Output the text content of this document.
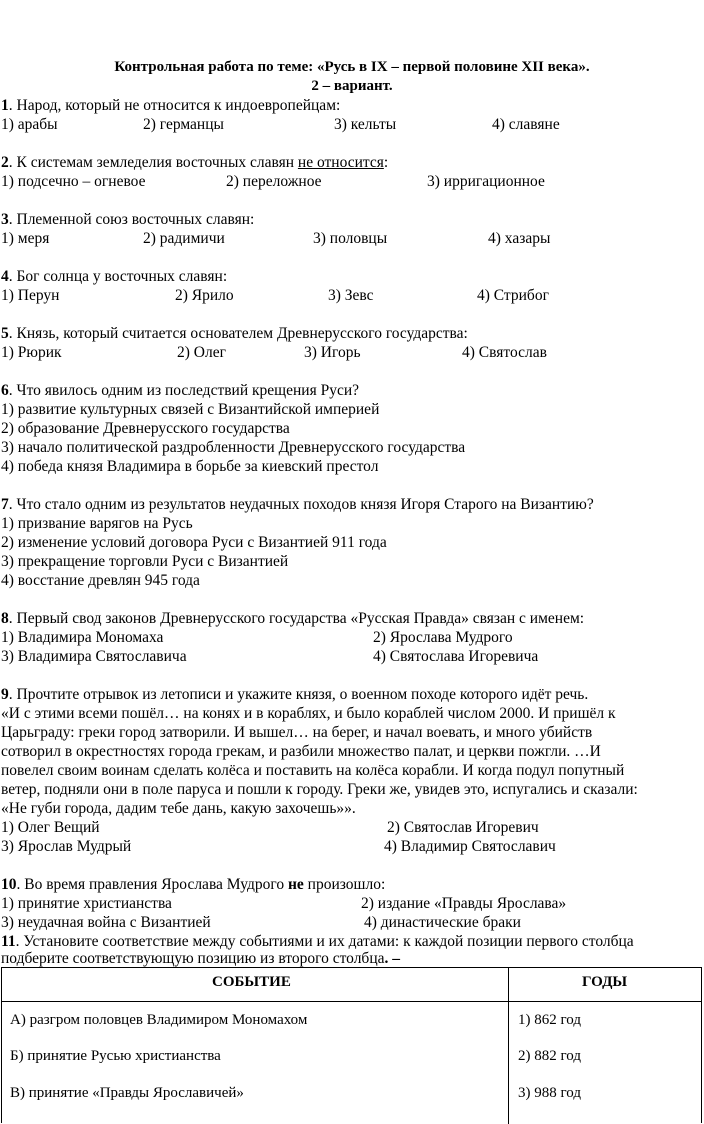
Контрольная работа по теме: «Русь в IX – первой половине XII века».
2 – вариант.
1. Народ, который не относится к индоевропейцам:
1) арабы	2) германцы	3) кельты	4) славяне
2. К системам земледелия восточных славян не относится:
1) подсечно – огневое	2) переложное	3) ирригационное
3. Племенной союз восточных славян:
1) меря	2) радимичи	3) половцы	4) хазары
4. Бог солнца у восточных славян:
1) Перун	2) Ярило	3) Зевс	4) Стрибог
5. Князь, который считается основателем Древнерусского государства:
1) Рюрик	2) Олег	3) Игорь	4) Святослав
6. Что явилось одним из последствий крещения Руси?
1) развитие культурных связей с Византийской империей
2) образование Древнерусского государства
3) начало политической раздробленности Древнерусского государства
4) победа князя Владимира в борьбе за киевский престол
7. Что стало одним из результатов неудачных походов князя Игоря Старого на Византию?
1) призвание варягов на Русь
2) изменение условий договора Руси с Византией 911 года
3) прекращение торговли Руси с Византией
4) восстание древлян 945 года
8. Первый свод законов Древнерусского государства «Русская Правда» связан с именем:
1) Владимира Мономаха	2) Ярослава Мудрого
3) Владимира Святославича	4) Святослава Игоревича
9. Прочтите отрывок из летописи и укажите князя, о военном походе которого идёт речь.
«И с этими всеми пошёл… на конях и в кораблях, и было кораблей числом 2000. И пришёл к
Царьграду: греки город затворили. И вышел… на берег, и начал воевать, и много убийств
сотворил в окрестностях города грекам, и разбили множество палат, и церкви пожгли. …И
повелел своим воинам сделать колёса и поставить на колёса корабли. И когда подул попутный
ветер, подняли они в поле паруса и пошли к городу. Греки же, увидев это, испугались и сказали:
«Не губи города, дадим тебе дань, какую захочешь»».
1) Олег Вещий	2) Святослав Игоревич
3) Ярослав Мудрый	4) Владимир Святославич
10. Во время правления Ярослава Мудрого не произошло:
1) принятие христианства	2) издание «Правды Ярослава»
3) неудачная война с Византией	4) династические браки
11. Установите соответствие между событиями и их датами: к каждой позиции первого столбца
подберите соответствующую позицию из второго столбца. –
СОБЫТИЕ	ГОДЫ
А) разгром половцев Владимиром Мономахом	1) 862 год
Б) принятие Русью христианства	2) 882 год
В) принятие «Правды Ярославичей»	3) 988 год
